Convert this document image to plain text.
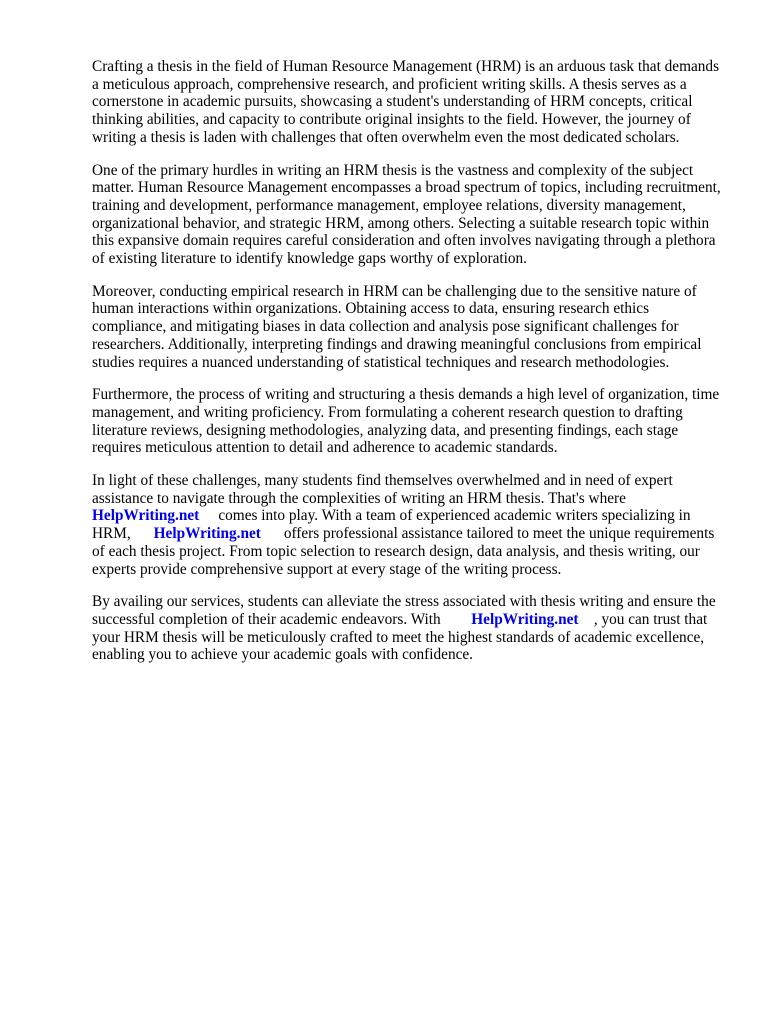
Crafting a thesis in the field of Human Resource Management (HRM) is an arduous task that demands a meticulous approach, comprehensive research, and proficient writing skills. A thesis serves as a cornerstone in academic pursuits, showcasing a student's understanding of HRM concepts, critical thinking abilities, and capacity to contribute original insights to the field. However, the journey of writing a thesis is laden with challenges that often overwhelm even the most dedicated scholars.

One of the primary hurdles in writing an HRM thesis is the vastness and complexity of the subject matter. Human Resource Management encompasses a broad spectrum of topics, including recruitment, training and development, performance management, employee relations, diversity management, organizational behavior, and strategic HRM, among others. Selecting a suitable research topic within this expansive domain requires careful consideration and often involves navigating through a plethora of existing literature to identify knowledge gaps worthy of exploration.

Moreover, conducting empirical research in HRM can be challenging due to the sensitive nature of human interactions within organizations. Obtaining access to data, ensuring research ethics compliance, and mitigating biases in data collection and analysis pose significant challenges for researchers. Additionally, interpreting findings and drawing meaningful conclusions from empirical studies requires a nuanced understanding of statistical techniques and research methodologies.

Furthermore, the process of writing and structuring a thesis demands a high level of organization, time management, and writing proficiency. From formulating a coherent research question to drafting literature reviews, designing methodologies, analyzing data, and presenting findings, each stage requires meticulous attention to detail and adherence to academic standards.

In light of these challenges, many students find themselves overwhelmed and in need of expert assistance to navigate through the complexities of writing an HRM thesis. That's where HelpWriting.net comes into play. With a team of experienced academic writers specializing in HRM, HelpWriting.net offers professional assistance tailored to meet the unique requirements of each thesis project. From topic selection to research design, data analysis, and thesis writing, our experts provide comprehensive support at every stage of the writing process.

By availing our services, students can alleviate the stress associated with thesis writing and ensure the successful completion of their academic endeavors. With HelpWriting.net , you can trust that your HRM thesis will be meticulously crafted to meet the highest standards of academic excellence, enabling you to achieve your academic goals with confidence.
